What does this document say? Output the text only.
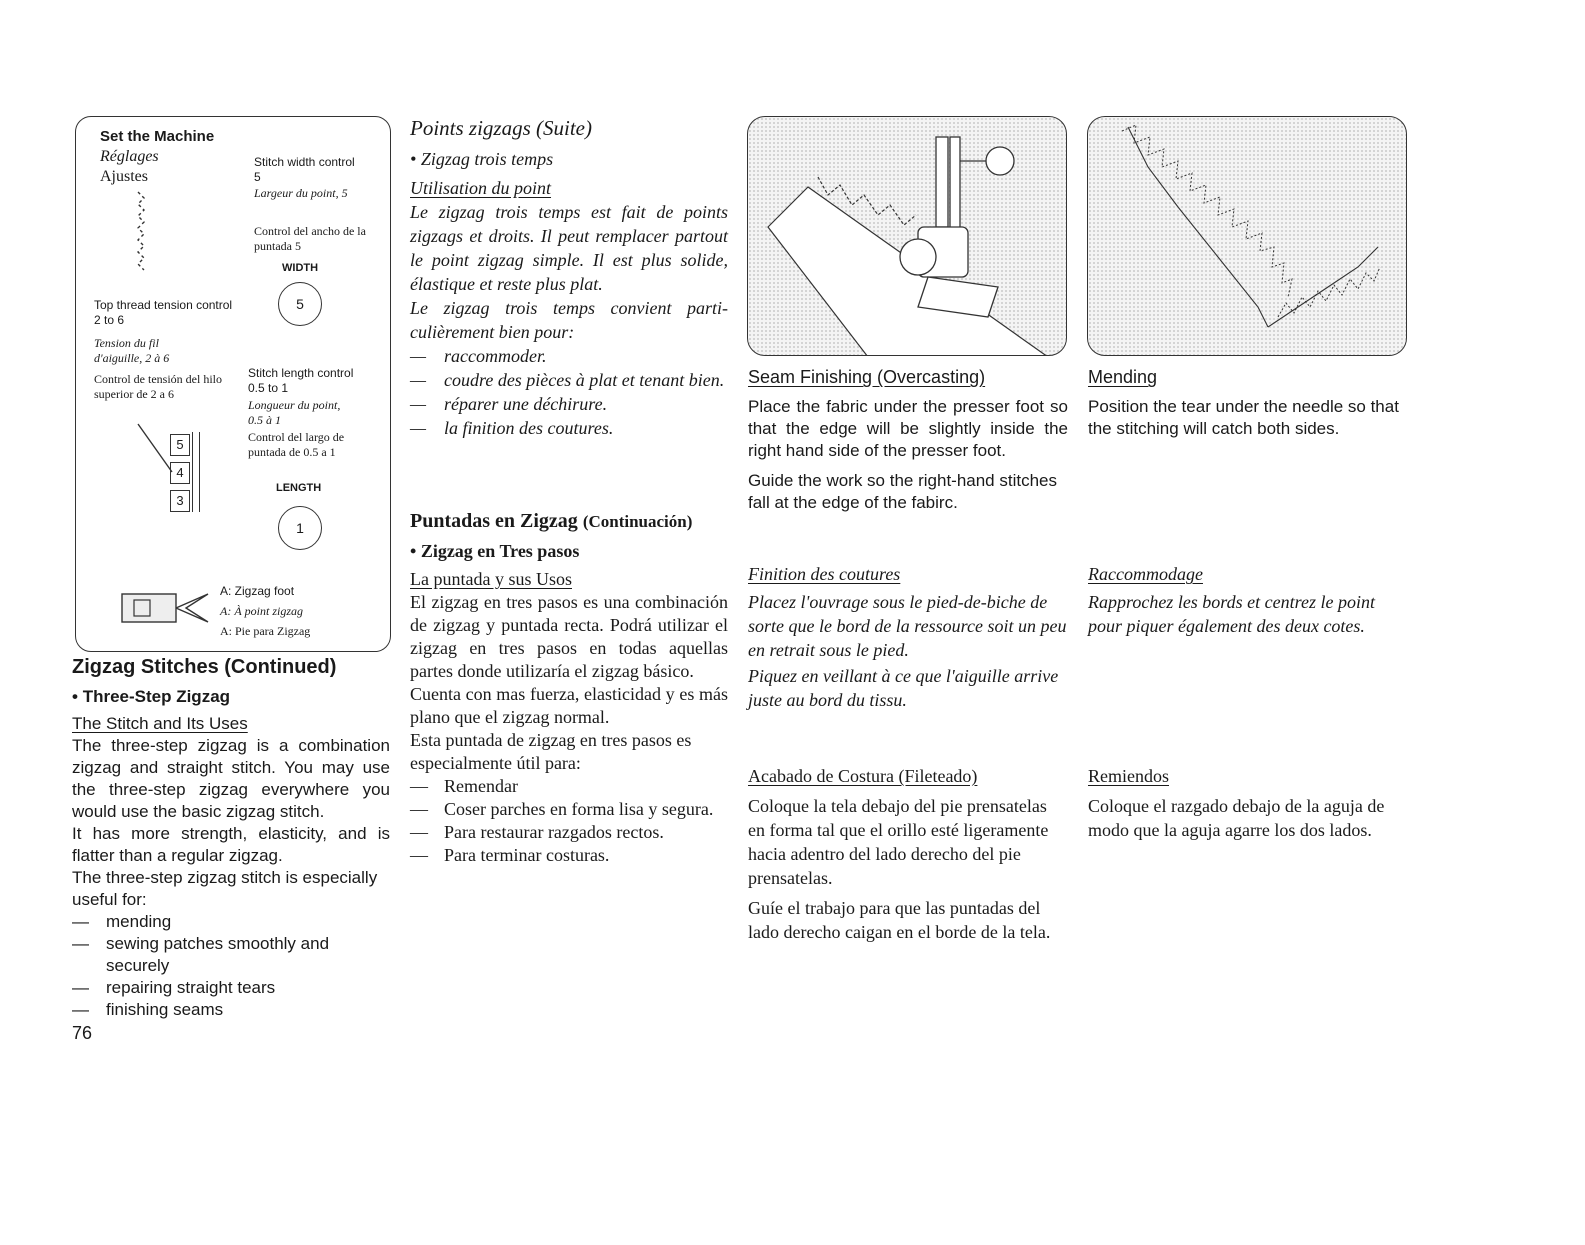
Set the Machine

Réglages

Ajustes

Stitch width control 5

Largeur du point, 5

Control del ancho de la puntada 5

WIDTH

5

Top thread tension control 2 to 6

Tension du fil d'aiguille, 2 à 6

Control de tensión del hilo superior de 2 a 6

5
4
3

Stitch length control 0.5 to 1

Longueur du point, 0.5 à 1

Control del largo de puntada de 0.5 a 1

LENGTH

1

A: Zigzag foot

A: À point zigzag

A: Pie para Zigzag

Zigzag Stitches (Continued)

• Three-Step Zigzag

The Stitch and Its Uses

The three-step zigzag is a combination zigzag and straight stitch. You may use the three-step zigzag everywhere you would use the basic zigzag stitch.

It has more strength, elasticity, and is flatter than a regular zigzag.

The three-step zigzag stitch is especially useful for:

— mending
— sewing patches smoothly and securely
— repairing straight tears
— finishing seams

76

Points zigzags (Suite)

• Zigzag trois temps

Utilisation du point

Le zigzag trois temps est fait de points zigzags et droits. Il peut remplacer partout le point zigzag simple. Il est plus solide, élastique et reste plus plat.

Le zigzag trois temps convient particulièrement bien pour:

— raccommoder.
— coudre des pièces à plat et tenant bien.
— réparer une déchirure.
— la finition des coutures.

Puntadas en Zigzag (Continuación)

• Zigzag en Tres pasos

La puntada y sus Usos

El zigzag en tres pasos es una combinación de zigzag y puntada recta. Podrá utilizar el zigzag en tres pasos en todas aquellas partes donde utilizaría el zigzag básico.

Cuenta con mas fuerza, elasticidad y es más plano que el zigzag normal.

Esta puntada de zigzag en tres pasos es especialmente útil para:

— Remendar
— Coser parches en forma lisa y segura.
— Para restaurar razgados rectos.
— Para terminar costuras.

Seam Finishing (Overcasting)

Place the fabric under the presser foot so that the edge will be slightly inside the right hand side of the presser foot.

Guide the work so the right-hand stitches fall at the edge of the fabirc.

Finition des coutures

Placez l'ouvrage sous le pied-de-biche de sorte que le bord de la ressource soit un peu en retrait sous le pied.

Piquez en veillant à ce que l'aiguille arrive juste au bord du tissu.

Acabado de Costura (Fileteado)

Coloque la tela debajo del pie prensatelas en forma tal que el orillo esté ligeramente hacia adentro del lado derecho del pie prensatelas.

Guíe el trabajo para que las puntadas del lado derecho caigan en el borde de la tela.

Mending

Position the tear under the needle so that the stitching will catch both sides.

Raccommodage

Rapprochez les bords et centrez le point pour piquer également des deux cotes.

Remiendos

Coloque el razgado debajo de la aguja de modo que la aguja agarre los dos lados.
